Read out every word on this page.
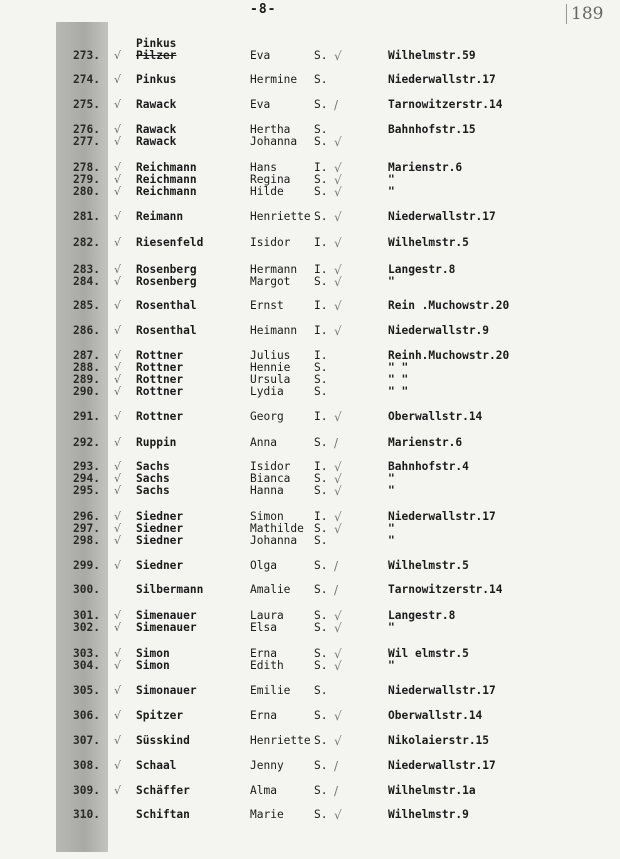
-8-	189
Pinkus
273. √ Pilzer	Eva	S. √	Wilhelmstr.59
274. √ Pinkus	Hermine S.	Niederwallstr.17
275. √ Rawack	Eva	S. /	Tarnowitzerstr.14
276. √ Rawack	Hertha S.	Bahnhofstr.15
277. √ Rawack	Johanna S. √
278. √ Reichmann	Hans	I. √	Marienstr.6
279. √ Reichmann	Regina S. √	"
280. √ Reichmann	Hilde	S. √	"
281. √ Reimann	Henriette S. √	Niederwallstr.17
282. √ Riesenfeld	Isidor I. √	Wilhelmstr.5
283. √ Rosenberg	Hermann I. √	Langestr.8
284. √ Rosenberg	Margot S. √	"
285. √ Rosenthal	Ernst	I. √	Rein .Muchowstr.20
286. √ Rosenthal	Heimann I. √	Niederwallstr.9
287. √ Rottner	Julius I.	Reinh.Muchowstr.20
288. √ Rottner	Hennie S.	" "
289. √ Rottner	Ursula S.	" "
290. √ Rottner	Lydia	S.	" "
291. √ Rottner	Georg	I. √	Oberwallstr.14
292. √ Ruppin	Anna	S. /	Marienstr.6
293. √ Sachs	Isidor I. √	Bahnhofstr.4
294. √ Sachs	Bianca S. √	"
295. √ Sachs	Hanna	S. √	"
296. √ Siedner	Simon	I. √	Niederwallstr.17
297. √ Siedner	Mathilde S. √	"
298. √ Siedner	Johanna S.	"
299. √ Siedner	Olga	S. /	Wilhelmstr.5
300.	Silbermann	Amalie S. /	Tarnowitzerstr.14
301. √ Simenauer	Laura	S. √	Langestr.8
302. √ Simenauer	Elsa	S. √	"
303. √ Simon	Erna	S. √	Wil elmstr.5
304. √ Simon	Edith	S. √	"
305. √ Simonauer	Emilie S.	Niederwallstr.17
306. √ Spitzer	Erna	S. √	Oberwallstr.14
307. √ Süsskind	Henriette S. √	Nikolaierstr.15
308. √ Schaal	Jenny	S. /	Niederwallstr.17
309. √ Schäffer	Alma	S. /	Wilhelmstr.1a
310.	Schiftan	Marie	S. √	Wilhelmstr.9
